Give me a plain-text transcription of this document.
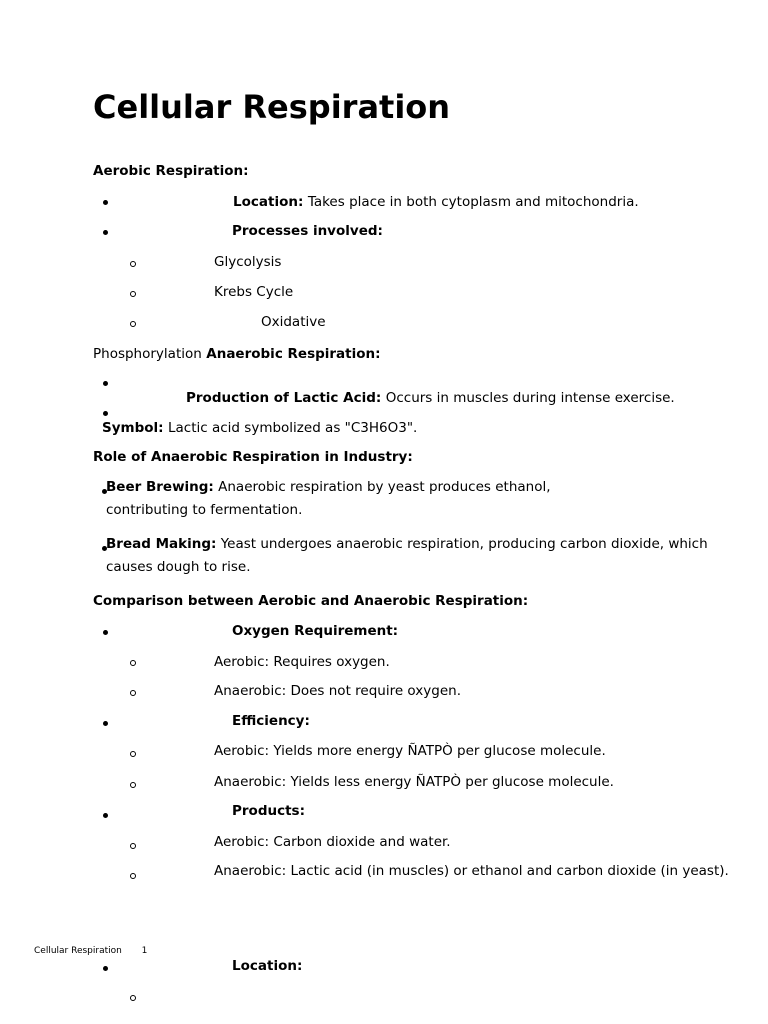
Cellular Respiration
Aerobic Respiration:
Location: Takes place in both cytoplasm and mitochondria.
Processes involved:
Glycolysis
Krebs Cycle
Oxidative
Phosphorylation Anaerobic Respiration:
Production of Lactic Acid: Occurs in muscles during intense exercise.
Symbol: Lactic acid symbolized as "C3H6O3".
Role of Anaerobic Respiration in Industry:
Beer Brewing: Anaerobic respiration by yeast produces ethanol, contributing to fermentation.
Bread Making: Yeast undergoes anaerobic respiration, producing carbon dioxide, which causes dough to rise.
Comparison between Aerobic and Anaerobic Respiration:
Oxygen Requirement:
Aerobic: Requires oxygen.
Anaerobic: Does not require oxygen.
Efficiency:
Aerobic: Yields more energy ÑATPÒ per glucose molecule.
Anaerobic: Yields less energy ÑATPÒ per glucose molecule.
Products:
Aerobic: Carbon dioxide and water.
Anaerobic: Lactic acid (in muscles) or ethanol and carbon dioxide (in yeast).
Cellular Respiration 1
Location:
